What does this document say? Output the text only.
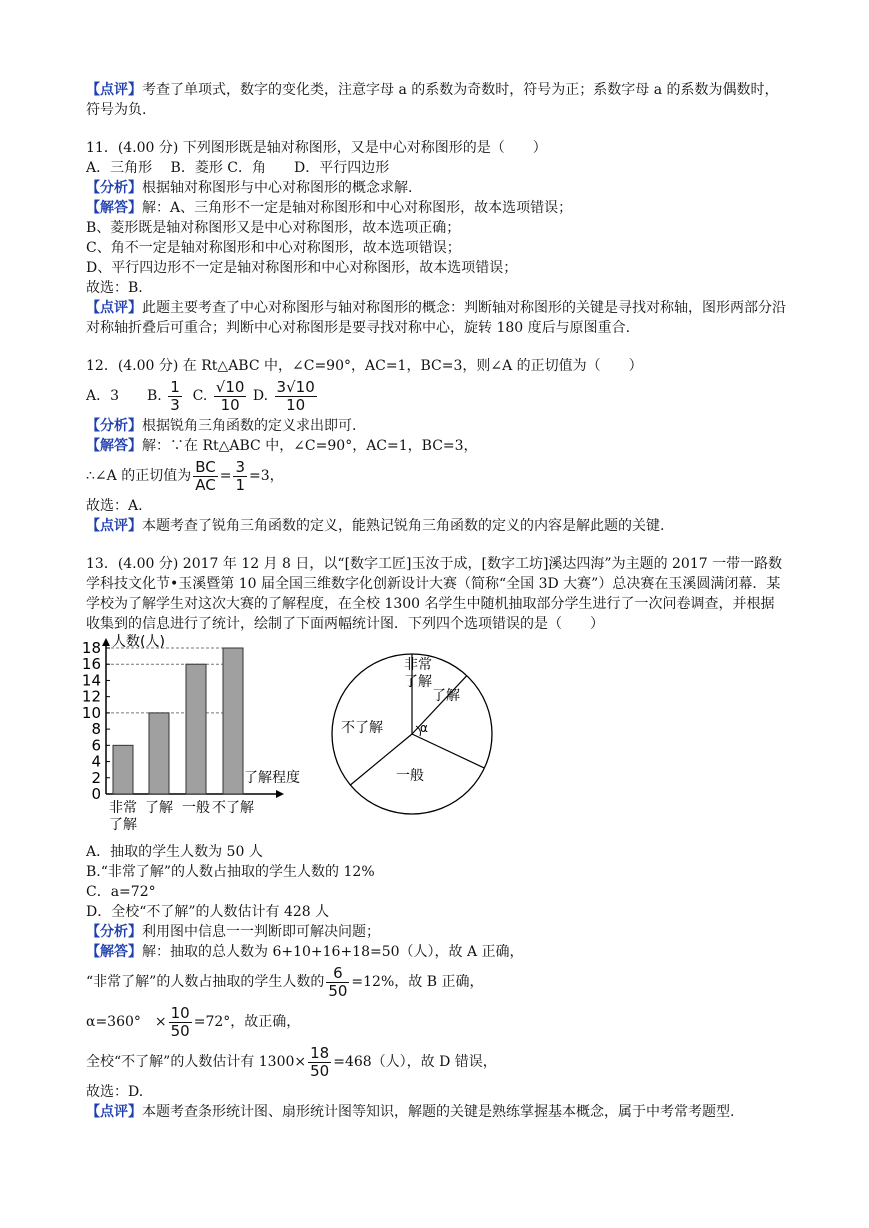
【点评】考查了单项式，数字的变化类，注意字母 a 的系数为奇数时，符号为正；系数字母 a 的系数为偶数时，符号为负.
11．(4.00 分) 下列图形既是轴对称图形，又是中心对称图形的是（　　）
A．三角形　 B．菱形 C．角　　D．平行四边形
【分析】根据轴对称图形与中心对称图形的概念求解.
【解答】解：A、三角形不一定是轴对称图形和中心对称图形，故本选项错误；
B、菱形既是轴对称图形又是中心对称图形，故本选项正确；
C、角不一定是轴对称图形和中心对称图形，故本选项错误；
D、平行四边形不一定是轴对称图形和中心对称图形，故本选项错误；
故选：B.
【点评】此题主要考查了中心对称图形与轴对称图形的概念：判断轴对称图形的关键是寻找对称轴，图形两部分沿对称轴折叠后可重合；判断中心对称图形是要寻找对称中心，旋转 180 度后与原图重合.
12．(4.00 分) 在 Rt△ABC 中，∠C=90°，AC=1，BC=3，则∠A 的正切值为（　　）
A．3　　B. $\frac{1}{3} C$. $\frac{√10}{10} D$. $\frac{3√10}{10}$
【分析】根据锐角三角函数的定义求出即可.
【解答】解：∵在 Rt△ABC 中，∠C=90°，AC=1，BC=3，
∴∠A 的正切值为 $\frac{BC}{AC} = \frac{3}{1} =3$，
故选：A.
【点评】本题考查了锐角三角函数的定义，能熟记锐角三角函数的定义的内容是解此题的关键.
13．(4.00 分) 2017 年 12 月 8 日，以“[数字工匠]玉汝于成，[数字工坊]溪达四海”为主题的 2017 一带一路数学科技文化节•玉溪暨第 10 届全国三维数字化创新设计大赛（简称“全国 3D 大赛”）总决赛在玉溪圆满闭幕．某学校为了解学生对这次大赛的了解程度，在全校 1300 名学生中随机抽取部分学生进行了一次问卷调查，并根据收集到的信息进行了统计，绘制了下面两幅统计图．下列四个选项错误的是（　　）
0
2
4
6
8
10
12
14
16
18 人数(人)
了解程度
非常
了解
了解 一般 不了解
非常
了解
了解
一般
不了解	α
A．抽取的学生人数为 50 人
B.“非常了解”的人数占抽取的学生人数的 12%
C．a=72°
D．全校“不了解”的人数估计有 428 人
【分析】利用图中信息一一判断即可解决问题；
【解答】解：抽取的总人数为 6+10+16+18=50（人），故 A 正确，
“非常了解”的人数占抽取的学生人数的 $\frac{6}{50} =12\%$，故 B 正确，
α=360°　× $\frac{10}{50} =72^\circ$，故正确，
全校“不了解”的人数估计有 $1300\times \frac{18}{50} =468$（人），故 D 错误，
故选：D.
【点评】本题考查条形统计图、扇形统计图等知识，解题的关键是熟练掌握基本概念，属于中考常考题型.
